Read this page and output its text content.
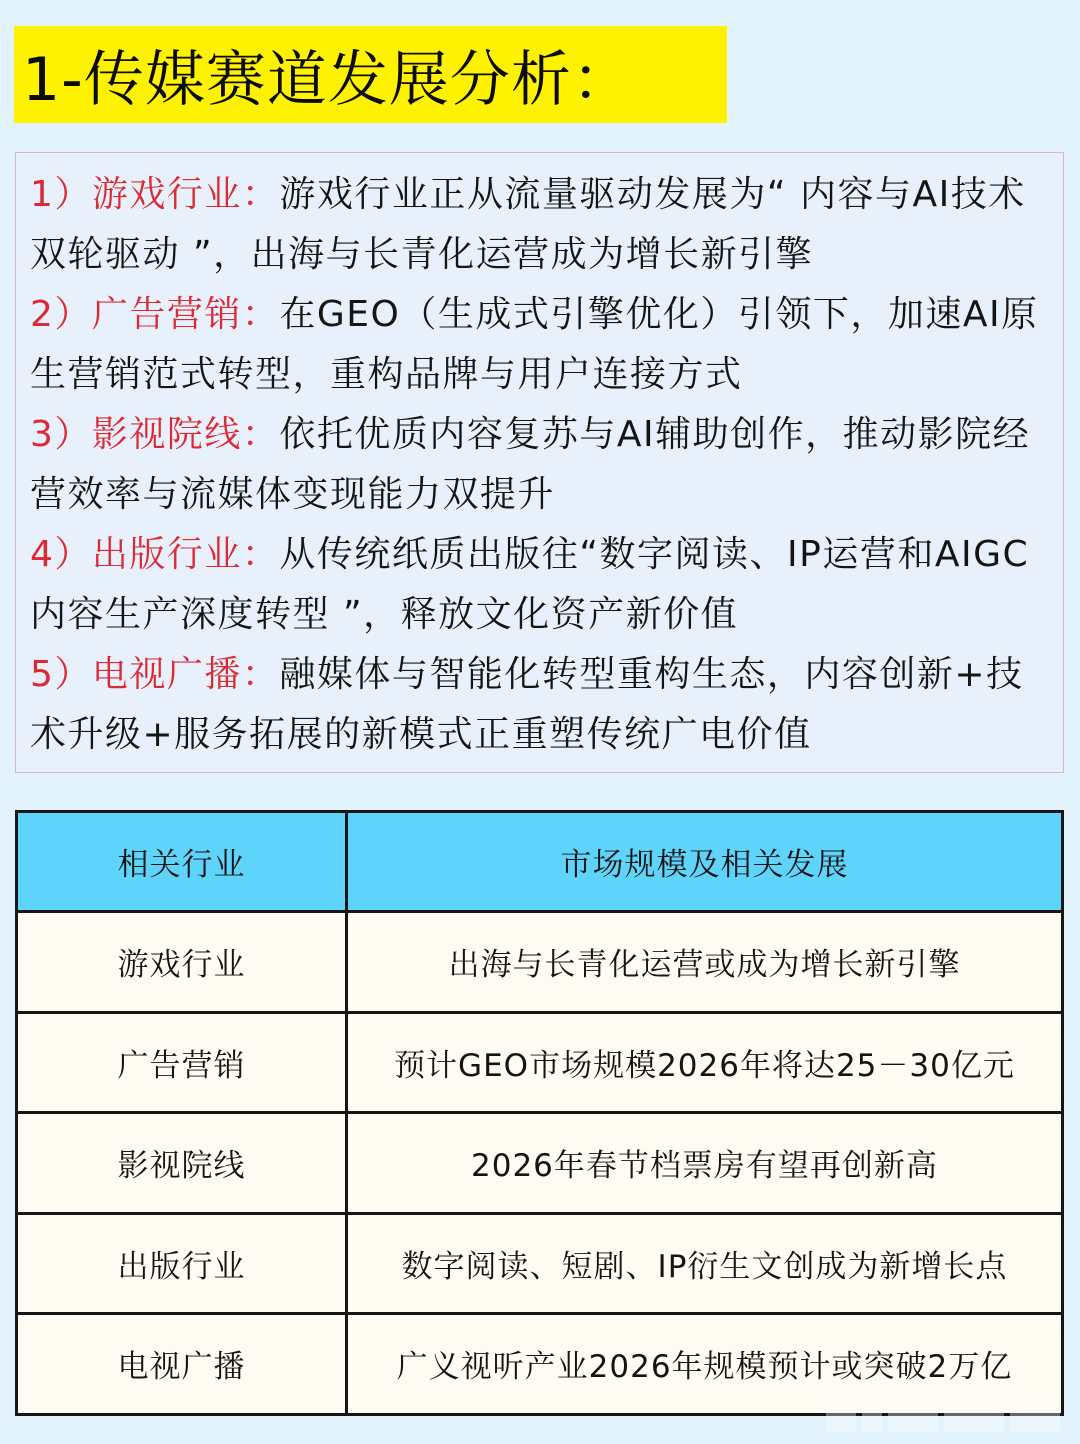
1-传媒赛道发展分析：

1）游戏行业：游戏行业正从流量驱动发展为“ 内容与AI技术双轮驱动 ”，出海与长青化运营成为增长新引擎

2）广告营销：在GEO（生成式引擎优化）引领下，加速AI原生营销范式转型，重构品牌与用户连接方式

3）影视院线：依托优质内容复苏与AI辅助创作，推动影院经营效率与流媒体变现能力双提升

4）出版行业：从传统纸质出版往“数字阅读、IP运营和AIGC内容生产深度转型 ”，释放文化资产新价值

5）电视广播：融媒体与智能化转型重构生态，内容创新+技术升级+服务拓展的新模式正重塑传统广电价值

相关行业	市场规模及相关发展
游戏行业	出海与长青化运营或成为增长新引擎
广告营销	预计GEO市场规模2026年将达25－30亿元
影视院线	2026年春节档票房有望再创新高
出版行业	数字阅读、短剧、IP衍生文创成为新增长点
电视广播	广义视听产业2026年规模预计或突破2万亿
